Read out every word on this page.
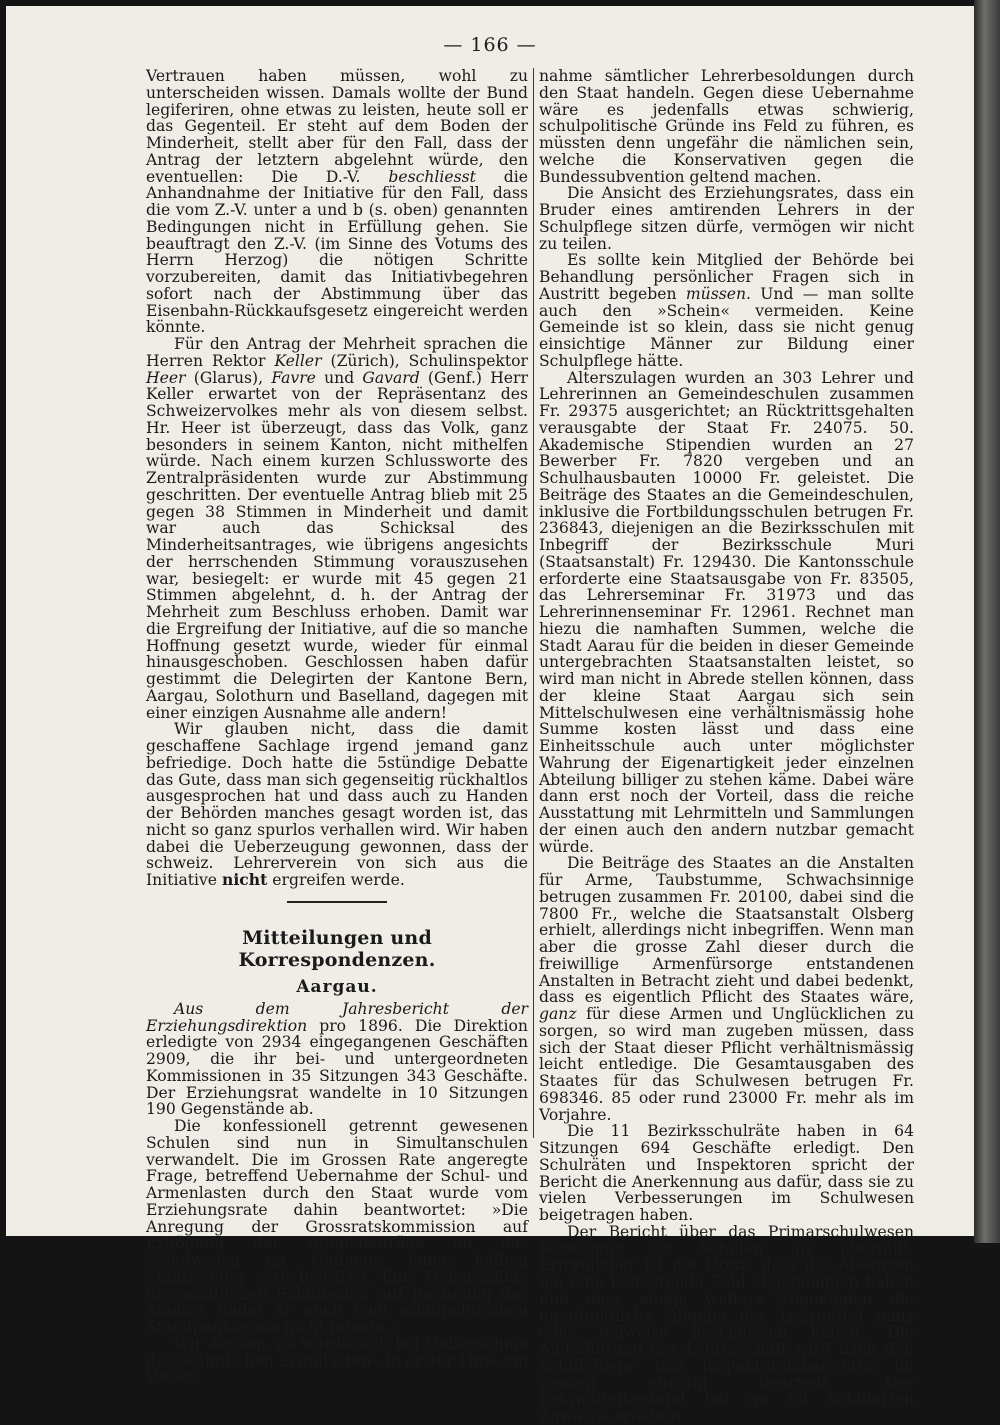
— 166 —

Vertrauen haben müssen, wohl zu unterscheiden wissen. Damals wollte der Bund legiferiren, ohne etwas zu leisten, heute soll er das Gegenteil. Er steht auf dem Boden der Minderheit, stellt aber für den Fall, dass der Antrag der letztern abgelehnt würde, den eventuellen: Die D.-V. beschliesst die Anhandnahme der Initiative für den Fall, dass die vom Z.-V. unter a und b (s. oben) genannten Bedingungen nicht in Erfüllung gehen. Sie beauftragt den Z.-V. (im Sinne des Votums des Herrn Herzog) die nötigen Schritte vorzubereiten, damit das Initiativbegehren sofort nach der Abstimmung über das Eisenbahn-Rückkaufsgesetz eingereicht werden könnte.

Für den Antrag der Mehrheit sprachen die Herren Rektor Keller (Zürich), Schulinspektor Heer (Glarus), Favre und Gavard (Genf.) Herr Keller erwartet von der Repräsentanz des Schweizervolkes mehr als von diesem selbst. Hr. Heer ist überzeugt, dass das Volk, ganz besonders in seinem Kanton, nicht mithelfen würde. Nach einem kurzen Schlussworte des Zentralpräsidenten wurde zur Abstimmung geschritten. Der eventuelle Antrag blieb mit 25 gegen 38 Stimmen in Minderheit und damit war auch das Schicksal des Minderheitsantrages, wie übrigens angesichts der herrschenden Stimmung vorauszusehen war, besiegelt: er wurde mit 45 gegen 21 Stimmen abgelehnt, d. h. der Antrag der Mehrheit zum Beschluss erhoben. Damit war die Ergreifung der Initiative, auf die so manche Hoffnung gesetzt wurde, wieder für einmal hinausgeschoben. Geschlossen haben dafür gestimmt die Delegirten der Kantone Bern, Aargau, Solothurn und Baselland, dagegen mit einer einzigen Ausnahme alle andern!

Wir glauben nicht, dass die damit geschaffene Sachlage irgend jemand ganz befriedige. Doch hatte die 5stündige Debatte das Gute, dass man sich gegenseitig rückhaltlos ausgesprochen hat und dass auch zu Handen der Behörden manches gesagt worden ist, das nicht so ganz spurlos verhallen wird. Wir haben dabei die Ueberzeugung gewonnen, dass der schweiz. Lehrerverein von sich aus die Initiative nicht ergreifen werde.

Mitteilungen und Korrespondenzen.
Aargau.

Aus dem Jahresbericht der Erziehungsdirektion pro 1896. Die Direktion erledigte von 2934 eingegangenen Geschäften 2909, die ihr bei- und untergeordneten Kommissionen in 35 Sitzungen 343 Geschäfte. Der Erziehungsrat wandelte in 10 Sitzungen 190 Gegenstände ab.

Die konfessionell getrennt gewesenen Schulen sind nun in Simultanschulen verwandelt. Die im Grossen Rate angeregte Frage, betreffend Uebernahme der Schul- und Armenlasten durch den Staat wurde vom Erziehungsrate dahin beantwortet: »Die Anregung der Grossratskommission auf Erhöhung der Staatsbeiträge an das Schulwesen im Umfange einer halben Staatssteuer wird begrüsst. Eine Uebernahme der sämtlichen Schullasten auf Rechnung des Staates findet er auch vom schulpolitischen Standpunkte aus nicht ratsam.«

Wir denken, es würde sich bei Uebernahme der »sämtlichen Schullasten« in erster Linie um Ueber-

nahme sämtlicher Lehrerbesoldungen durch den Staat handeln. Gegen diese Uebernahme wäre es jedenfalls etwas schwierig, schulpolitische Gründe ins Feld zu führen, es müssten denn ungefähr die nämlichen sein, welche die Konservativen gegen die Bundessubvention geltend machen.

Die Ansicht des Erziehungsrates, dass ein Bruder eines amtirenden Lehrers in der Schulpflege sitzen dürfe, vermögen wir nicht zu teilen.

Es sollte kein Mitglied der Behörde bei Behandlung persönlicher Fragen sich in Austritt begeben müssen. Und — man sollte auch den »Schein« vermeiden. Keine Gemeinde ist so klein, dass sie nicht genug einsichtige Männer zur Bildung einer Schulpflege hätte.

Alterszulagen wurden an 303 Lehrer und Lehrerinnen an Gemeindeschulen zusammen Fr. 29375 ausgerichtet; an Rücktrittsgehalten verausgabte der Staat Fr. 24075. 50. Akademische Stipendien wurden an 27 Bewerber Fr. 7820 vergeben und an Schulhausbauten 10000 Fr. geleistet. Die Beiträge des Staates an die Gemeindeschulen, inklusive die Fortbildungsschulen betrugen Fr. 236843, diejenigen an die Bezirksschulen mit Inbegriff der Bezirksschule Muri (Staatsanstalt) Fr. 129430. Die Kantonsschule erforderte eine Staatsausgabe von Fr. 83505, das Lehrerseminar Fr. 31973 und das Lehrerinnenseminar Fr. 12961. Rechnet man hiezu die namhaften Summen, welche die Stadt Aarau für die beiden in dieser Gemeinde untergebrachten Staatsanstalten leistet, so wird man nicht in Abrede stellen können, dass der kleine Staat Aargau sich sein Mittelschulwesen eine verhältnismässig hohe Summe kosten lässt und dass eine Einheitsschule auch unter möglichster Wahrung der Eigenartigkeit jeder einzelnen Abteilung billiger zu stehen käme. Dabei wäre dann erst noch der Vorteil, dass die reiche Ausstattung mit Lehrmitteln und Sammlungen der einen auch den andern nutzbar gemacht würde.

Die Beiträge des Staates an die Anstalten für Arme, Taubstumme, Schwachsinnige betrugen zusammen Fr. 20100, dabei sind die 7800 Fr., welche die Staatsanstalt Olsberg erhielt, allerdings nicht inbegriffen. Wenn man aber die grosse Zahl dieser durch die freiwillige Armenfürsorge entstandenen Anstalten in Betracht zieht und dabei bedenkt, dass es eigentlich Pflicht des Staates wäre, ganz für diese Armen und Unglücklichen zu sorgen, so wird man zugeben müssen, dass sich der Staat dieser Pflicht verhältnismässig leicht entledige. Die Gesamtausgaben des Staates für das Schulwesen betrugen Fr. 698346. 85 oder rund 23000 Fr. mehr als im Vorjahre.

Die 11 Bezirksschulräte haben in 64 Sitzungen 694 Geschäfte erledigt. Den Schulräten und Inspektoren spricht der Bericht die Anerkennung aus dafür, dass sie zu vielen Verbesserungen im Schulwesen beigetragen haben.

Der Bericht über das Primarschulwesen bezeichnet 20 Schulen als überfüllt. Erfreulicher ist die Notiz, dass die Absenzen um eine bedeutende Zahl abgenommen haben und dass einige weitere Gemeinden die unentgeltliche Abgabe der Lehrmittel ganz oder teilweise beschlossen haben. Die Amtsführung der Lehrerschaft wird nach den Schulpflege- und Inspektoratsberichten im ganzen günstig beurteilt. Der Lehrmittelbestand hat an 60 Schulorten Zuwachs erhalten
